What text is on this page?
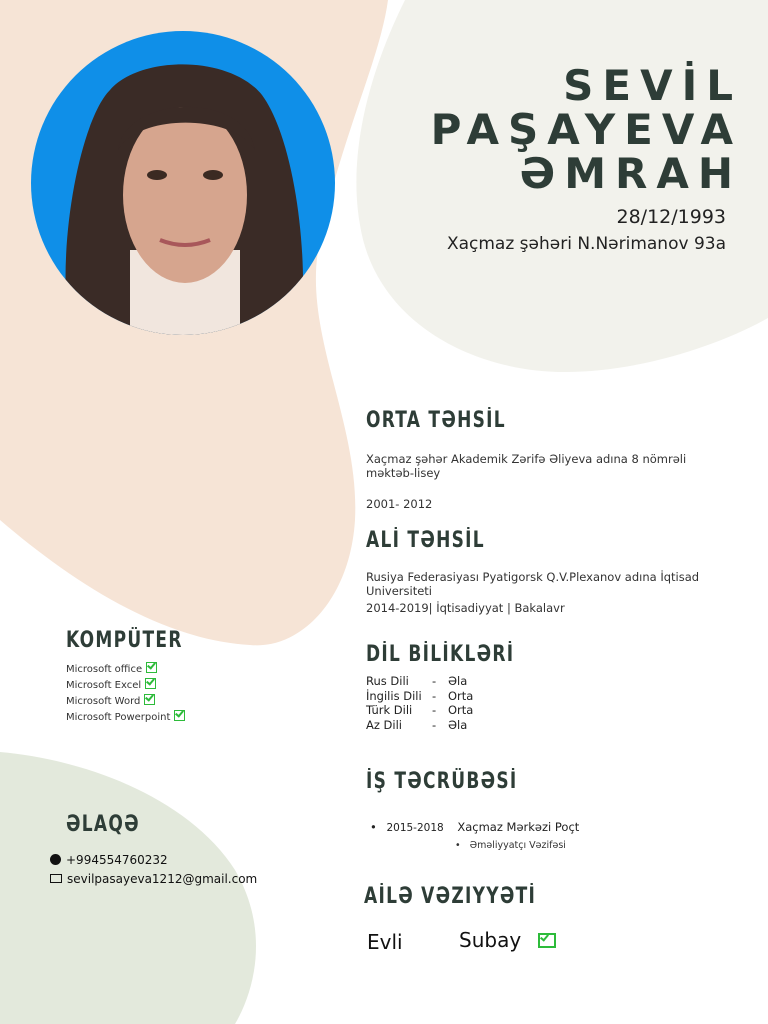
SEVİL
PAŞAYEVA
ƏMRAH
28/12/1993
Xaçmaz şəhəri N.Nərimanov 93a
ORTA TƏHSİL
Xaçmaz şəhər Akademik Zərifə Əliyeva adına 8 nömrəli məktəb-lisey
2001- 2012
ALİ TƏHSİL
Rusiya Federasiyası Pyatigorsk Q.V.Plexanov adına İqtisad Universiteti
2014-2019| İqtisadiyyat | Bakalavr
KOMPÜTER
Microsoft office
Microsoft Excel
Microsoft Word
Microsoft Powerpoint
DİL BİLİKLƏRİ
Rus Dili - Əla
İngilis Dili - Orta
Türk Dili - Orta
Az Dili	- Əla
İŞ TƏCRÜBƏSİ
• 2015-2018 Xaçmaz Mərkəzi Poçt
• Əməliyyatçı Vəzifəsi
ƏLAQƏ
+994554760232
sevilpasayeva1212@gmail.com
AİLƏ VƏZIYYƏTİ
Evli	Subay
